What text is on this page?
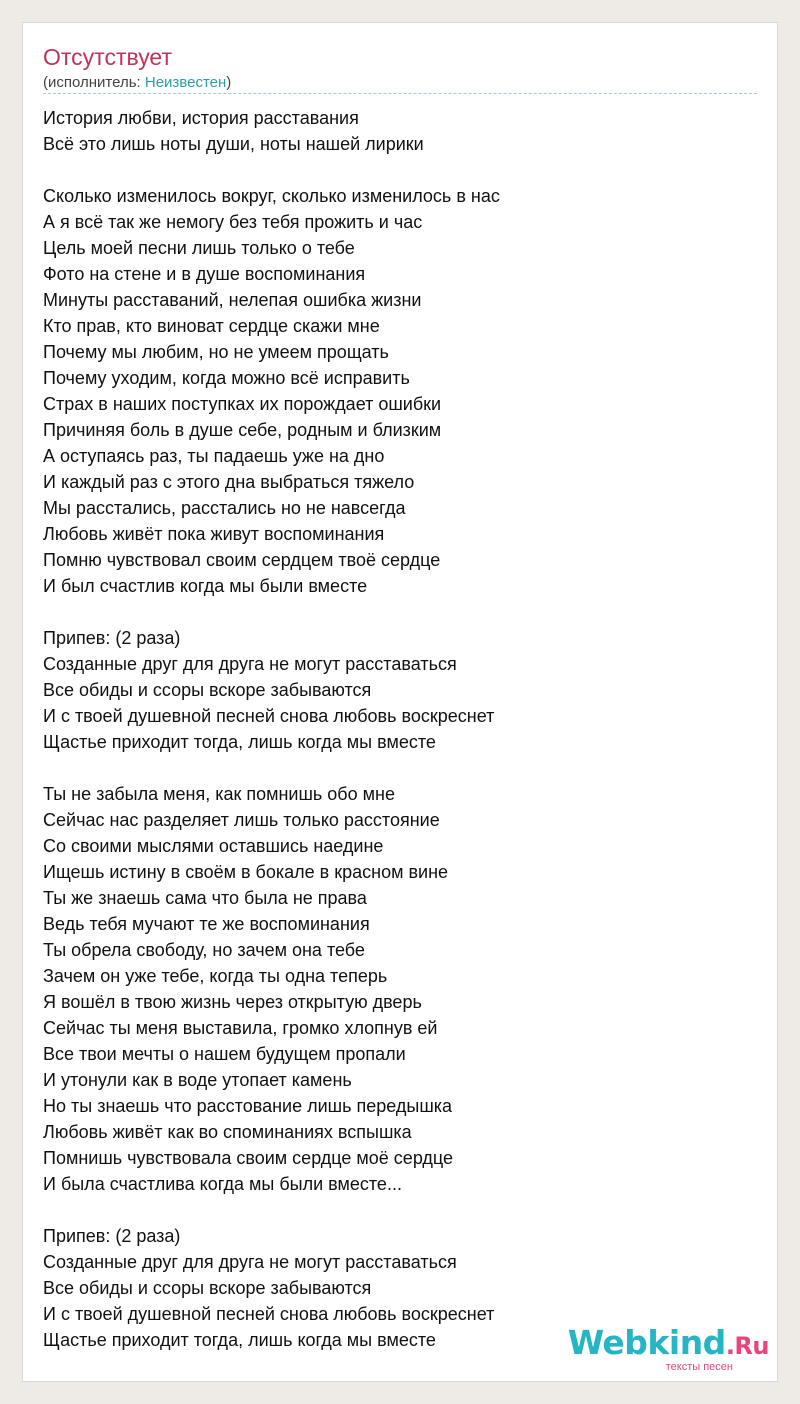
Отсутствует
(исполнитель: Неизвестен)
История любви, история расставания
Всё это лишь ноты души, ноты нашей лирики
Сколько изменилось вокруг, сколько изменилось в нас
А я всё так же немогу без тебя прожить и час
Цель моей песни лишь только о тебе
Фото на стене и в душе воспоминания
Минуты расставаний, нелепая ошибка жизни
Кто прав, кто виноват сердце скажи мне
Почему мы любим, но не умеем прощать
Почему уходим, когда можно всё исправить
Страх в наших поступках их порождает ошибки
Причиняя боль в душе себе, родным и близким
А оступаясь раз, ты падаешь уже на дно
И каждый раз с этого дна выбраться тяжело
Мы расстались, расстались но не навсегда
Любовь живёт пока живут воспоминания
Помню чувствовал своим сердцем твоё сердце
И был счастлив когда мы были вместе
Припев: (2 раза)
Созданные друг для друга не могут расставаться
Все обиды и ссоры вскоре забываются
И с твоей душевной песней снова любовь воскреснет
Щастье приходит тогда, лишь когда мы вместе
Ты не забыла меня, как помнишь обо мне
Сейчас нас разделяет лишь только расстояние
Со своими мыслями оставшись наедине
Ищешь истину в своём в бокале в красном вине
Ты же знаешь сама что была не права
Ведь тебя мучают те же воспоминания
Ты обрела свободу, но зачем она тебе
Зачем он уже тебе, когда ты одна теперь
Я вошёл в твою жизнь через открытую дверь
Сейчас ты меня выставила, громко хлопнув ей
Все твои мечты о нашем будущем пропали
И утонули как в воде утопает камень
Но ты знаешь что расстование лишь передышка
Любовь живёт как во споминаниях вспышка
Помнишь чувствовала своим сердце моё сердце
И была счастлива когда мы были вместе...
Припев: (2 раза)
Созданные друг для друга не могут расставаться
Все обиды и ссоры вскоре забываются
И с твоей душевной песней снова любовь воскреснет
Щастье приходит тогда, лишь когда мы вместе	Webkind.Ru
тексты песен
